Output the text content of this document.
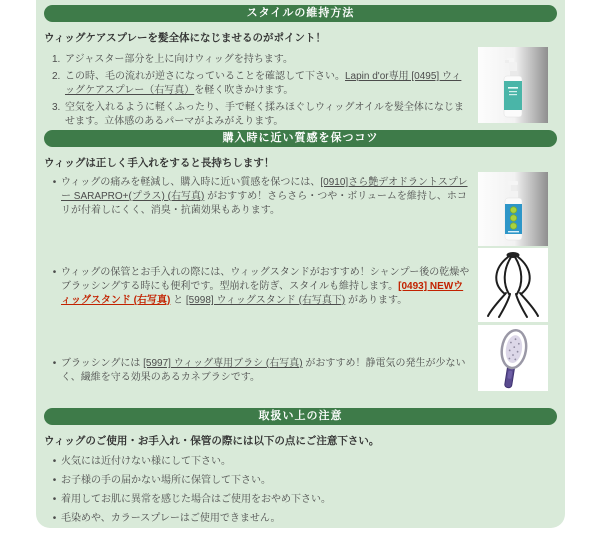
スタイルの維持方法
ウィッグケアスプレーを髪全体になじませるのがポイント！
1. アジャスター部分を上に向けウィッグを持ちます。
2. この時、毛の流れが逆さになっていることを確認して下さい。Lapin d'or専用 [0495] ウィッグケアスプレー（右写真）を軽く吹きかけます。
3. 空気を入れるように軽くふったり、手で軽く揉みほぐしウィッグオイルを髪全体になじませます。立体感のあるパーマがよみがえります。
購入時に近い質感を保つコツ
ウィッグは正しく手入れをすると長持ちします！
• ウィッグの痛みを軽減し、購入時に近い質感を保つには、[0910]さら艶デオドラントスプレー SARAPRO+(プラス) (右写真) がおすすめ！さらさら・つや・ボリュームを維持し、ホコリが付着しにくく、消臭・抗菌効果もあります。
• ウィッグの保管とお手入れの際には、ウィッグスタンドがおすすめ！シャンプー後の乾燥やブラッシングする時にも便利です。型崩れを防ぎ、スタイルも維持します。[0493] NEWウィッグスタンド (右写真) と [5998] ウィッグスタンド (右写真下) があります。
• ブラッシングには [5997] ウィッグ専用ブラシ (右写真) がおすすめ！静電気の発生が少ないく、繊維を守る効果のあるカネブラシです。
取扱い上の注意
ウィッグのご使用・お手入れ・保管の際には以下の点にご注意下さい。
• 火気には近付けない様にして下さい。
• お子様の手の届かない場所に保管して下さい。
• 着用してお肌に異常を感じた場合はご使用をおやめ下さい。
• 毛染めや、カラースプレーはご使用できません。
